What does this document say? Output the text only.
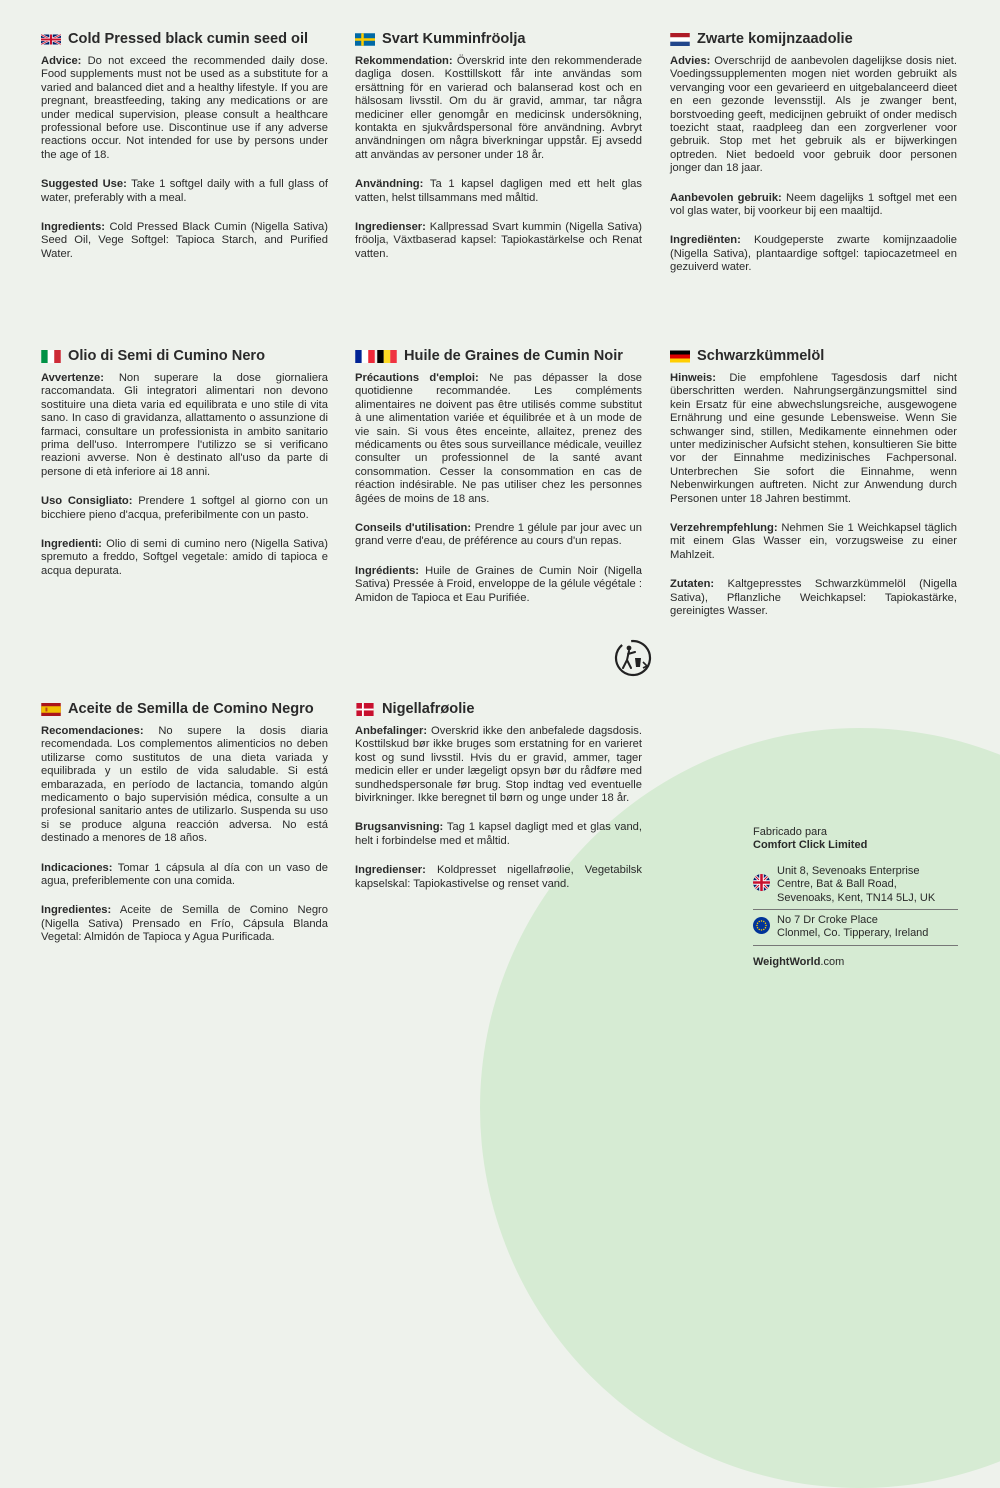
Cold Pressed black cumin seed oil

Advice: Do not exceed the recommended daily dose. Food supplements must not be used as a substitute for a varied and balanced diet and a healthy lifestyle. If you are pregnant, breastfeeding, taking any medications or are under medical supervision, please consult a healthcare professional before use. Discontinue use if any adverse reactions occur. Not intended for use by persons under the age of 18.

Suggested Use: Take 1 softgel daily with a full glass of water, preferably with a meal.

Ingredients: Cold Pressed Black Cumin (Nigella Sativa) Seed Oil, Vege Softgel: Tapioca Starch, and Purified Water.

Svart Kumminfröolja

Rekommendation: Överskrid inte den rekommenderade dagliga dosen. Kosttillskott får inte användas som ersättning för en varierad och balanserad kost och en hälsosam livsstil. Om du är gravid, ammar, tar några mediciner eller genomgår en medicinsk undersökning, kontakta en sjukvårdspersonal före användning. Avbryt användningen om några biverkningar uppstår. Ej avsedd att användas av personer under 18 år.

Användning: Ta 1 kapsel dagligen med ett helt glas vatten, helst tillsammans med måltid.

Ingredienser: Kallpressad Svart kummin (Nigella Sativa) fröolja, Växtbaserad kapsel: Tapiokastärkelse och Renat vatten.

Zwarte komijnzaadolie

Advies: Overschrijd de aanbevolen dagelijkse dosis niet. Voedingssupplementen mogen niet worden gebruikt als vervanging voor een gevarieerd en uitgebalanceerd dieet en een gezonde levensstijl. Als je zwanger bent, borstvoeding geeft, medicijnen gebruikt of onder medisch toezicht staat, raadpleeg dan een zorgverlener voor gebruik. Stop met het gebruik als er bijwerkingen optreden. Niet bedoeld voor gebruik door personen jonger dan 18 jaar.

Aanbevolen gebruik: Neem dagelijks 1 softgel met een vol glas water, bij voorkeur bij een maaltijd.

Ingrediënten: Koudgeperste zwarte komijnzaadolie (Nigella Sativa), plantaardige softgel: tapiocazetmeel en gezuiverd water.

Olio di Semi di Cumino Nero

Avvertenze: Non superare la dose giornaliera raccomandata. Gli integratori alimentari non devono sostituire una dieta varia ed equilibrata e uno stile di vita sano. In caso di gravidanza, allattamento o assunzione di farmaci, consultare un professionista in ambito sanitario prima dell'uso. Interrompere l'utilizzo se si verificano reazioni avverse. Non è destinato all'uso da parte di persone di età inferiore ai 18 anni.

Uso Consigliato: Prendere 1 softgel al giorno con un bicchiere pieno d'acqua, preferibilmente con un pasto.

Ingredienti: Olio di semi di cumino nero (Nigella Sativa) spremuto a freddo, Softgel vegetale: amido di tapioca e acqua depurata.

Huile de Graines de Cumin Noir

Précautions d'emploi: Ne pas dépasser la dose quotidienne recommandée. Les compléments alimentaires ne doivent pas être utilisés comme substitut à une alimentation variée et équilibrée et à un mode de vie sain. Si vous êtes enceinte, allaitez, prenez des médicaments ou êtes sous surveillance médicale, veuillez consulter un professionnel de la santé avant consommation. Cesser la consommation en cas de réaction indésirable. Ne pas utiliser chez les personnes âgées de moins de 18 ans.

Conseils d'utilisation: Prendre 1 gélule par jour avec un grand verre d'eau, de préférence au cours d'un repas.

Ingrédients: Huile de Graines de Cumin Noir (Nigella Sativa) Pressée à Froid, enveloppe de la gélule végétale : Amidon de Tapioca et Eau Purifiée.

Schwarzkümmelöl

Hinweis: Die empfohlene Tagesdosis darf nicht überschritten werden. Nahrungsergänzungsmittel sind kein Ersatz für eine abwechslungsreiche, ausgewogene Ernährung und eine gesunde Lebensweise. Wenn Sie schwanger sind, stillen, Medikamente einnehmen oder unter medizinischer Aufsicht stehen, konsultieren Sie bitte vor der Einnahme medizinisches Fachpersonal. Unterbrechen Sie sofort die Einnahme, wenn Nebenwirkungen auftreten. Nicht zur Anwendung durch Personen unter 18 Jahren bestimmt.

Verzehrempfehlung: Nehmen Sie 1 Weichkapsel täglich mit einem Glas Wasser ein, vorzugsweise zu einer Mahlzeit.

Zutaten: Kaltgepresstes Schwarzkümmelöl (Nigella Sativa), Pflanzliche Weichkapsel: Tapiokastärke, gereinigtes Wasser.

Aceite de Semilla de Comino Negro

Recomendaciones: No supere la dosis diaria recomendada. Los complementos alimenticios no deben utilizarse como sustitutos de una dieta variada y equilibrada y un estilo de vida saludable. Si está embarazada, en período de lactancia, tomando algún medicamento o bajo supervisión médica, consulte a un profesional sanitario antes de utilizarlo. Suspenda su uso si se produce alguna reacción adversa. No está destinado a menores de 18 años.

Indicaciones: Tomar 1 cápsula al día con un vaso de agua, preferiblemente con una comida.

Ingredientes: Aceite de Semilla de Comino Negro (Nigella Sativa) Prensado en Frío, Cápsula Blanda Vegetal: Almidón de Tapioca y Agua Purificada.

Nigellafrøolie

Anbefalinger: Overskrid ikke den anbefalede dagsdosis. Kosttilskud bør ikke bruges som erstatning for en varieret kost og sund livsstil. Hvis du er gravid, ammer, tager medicin eller er under lægeligt opsyn bør du rådføre med sundhedspersonale før brug. Stop indtag ved eventuelle bivirkninger. Ikke beregnet til børn og unge under 18 år.

Brugsanvisning: Tag 1 kapsel dagligt med et glas vand, helt i forbindelse med et måltid.

Ingredienser: Koldpresset nigellafrøolie, Vegetabilsk kapselskal: Tapiokastivelse og renset vand.

Fabricado para
Comfort Click Limited
Unit 8, Sevenoaks Enterprise
Centre, Bat & Ball Road,
Sevenoaks, Kent, TN14 5LJ, UK
No 7 Dr Croke Place
Clonmel, Co. Tipperary, Ireland
WeightWorld.com
